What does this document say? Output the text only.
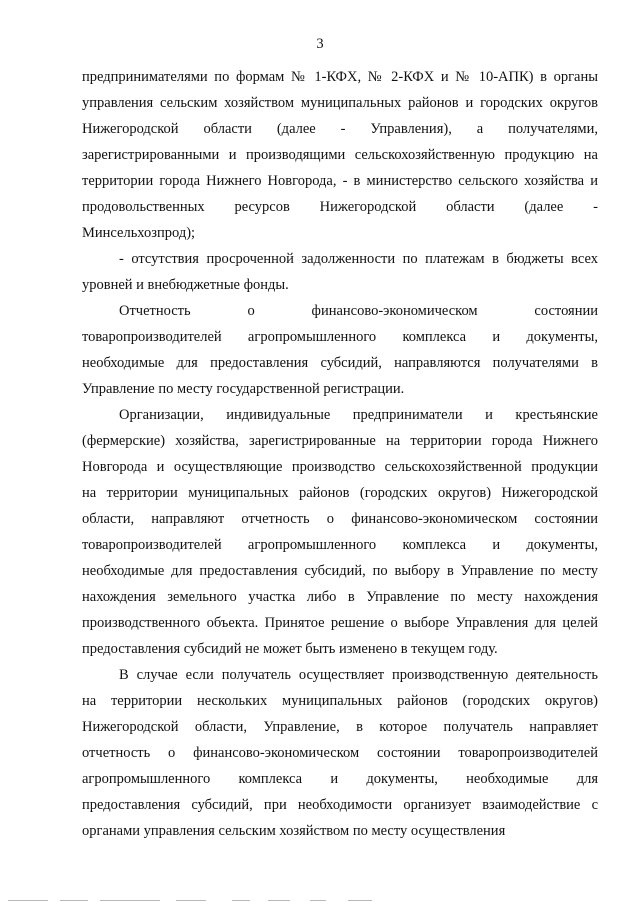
3
предпринимателями по формам № 1-КФХ, № 2-КФХ и № 10-АПК) в органы
управления сельским хозяйством муниципальных районов и городских округов
Нижегородской области (далее - Управления), а получателями,
зарегистрированными и производящими сельскохозяйственную продукцию на
территории города Нижнего Новгорода, - в министерство сельского хозяйства и
продовольственных ресурсов Нижегородской области (далее -
Минсельхозпрод);
- отсутствия просроченной задолженности по платежам в бюджеты всех
уровней и внебюджетные фонды.
Отчетность о финансово-экономическом состоянии
товаропроизводителей агропромышленного комплекса и документы,
необходимые для предоставления субсидий, направляются получателями в
Управление по месту государственной регистрации.
Организации, индивидуальные предприниматели и крестьянские
(фермерские) хозяйства, зарегистрированные на территории города Нижнего
Новгорода и осуществляющие производство сельскохозяйственной продукции
на территории муниципальных районов (городских округов) Нижегородской
области, направляют отчетность о финансово-экономическом состоянии
товаропроизводителей агропромышленного комплекса и документы,
необходимые для предоставления субсидий, по выбору в Управление по месту
нахождения земельного участка либо в Управление по месту нахождения
производственного объекта. Принятое решение о выборе Управления для целей
предоставления субсидий не может быть изменено в текущем году.
В случае если получатель осуществляет производственную деятельность
на территории нескольких муниципальных районов (городских округов)
Нижегородской области, Управление, в которое получатель направляет
отчетность о финансово-экономическом состоянии товаропроизводителей
агропромышленного комплекса и документы, необходимые для
предоставления субсидий, при необходимости организует взаимодействие с
органами управления сельским хозяйством по месту осуществления
